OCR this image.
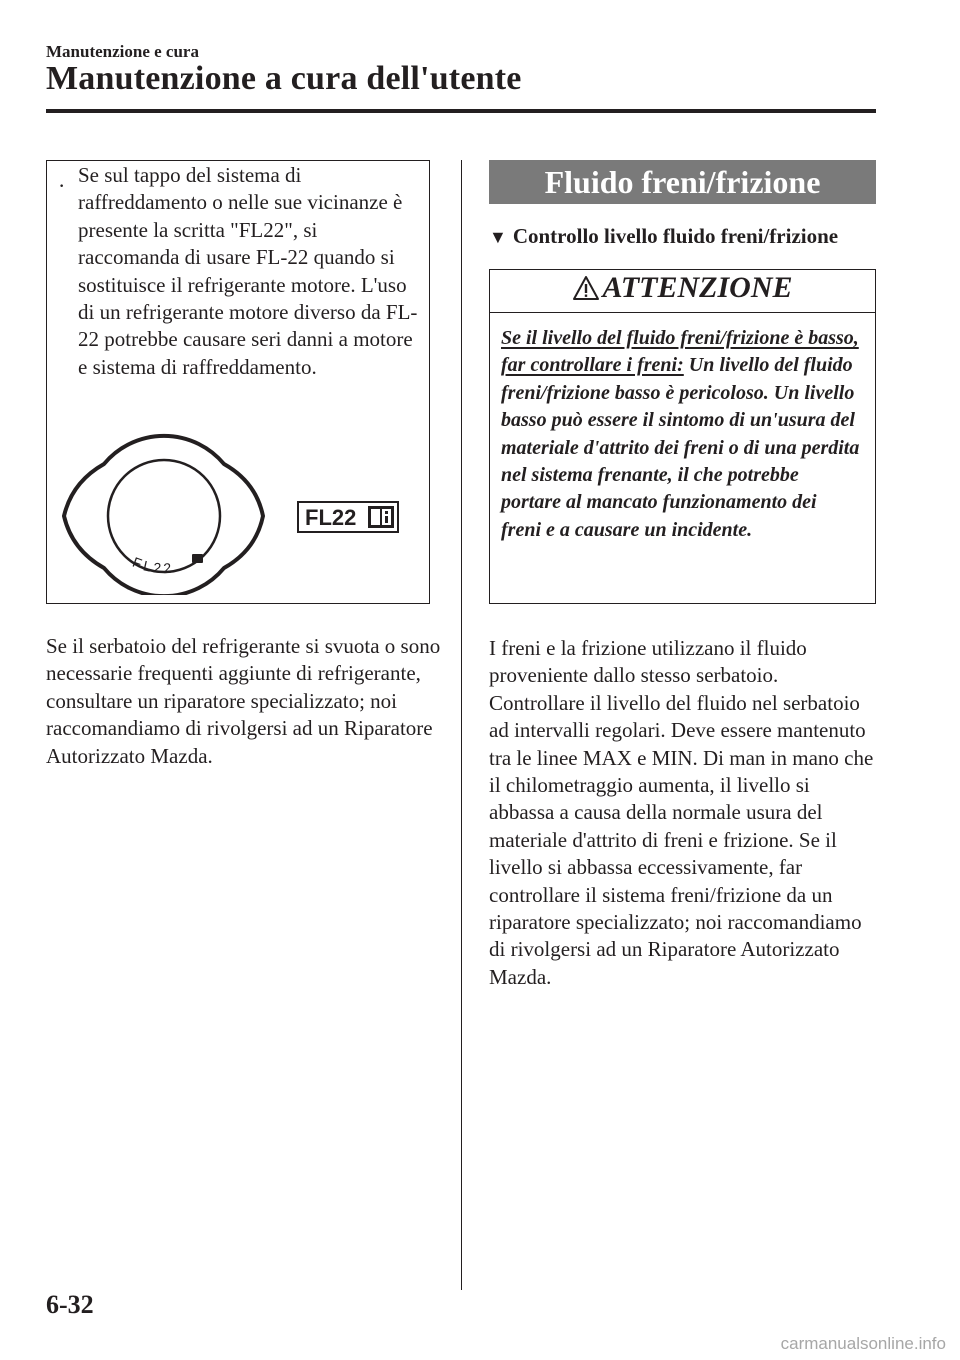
Manutenzione e cura
Manutenzione a cura dell'utente
· Se sul tappo del sistema di raffreddamento o nelle sue vicinanze è presente la scritta "FL22", si raccomanda di usare FL-22 quando si sostituisce il refrigerante motore. L'uso di un refrigerante motore diverso da FL-22 potrebbe causare seri danni a motore e sistema di raffreddamento.
FL22
FL22
Se il serbatoio del refrigerante si svuota o sono necessarie frequenti aggiunte di refrigerante, consultare un riparatore specializzato; noi raccomandiamo di rivolgersi ad un Riparatore Autorizzato Mazda.
Fluido freni/frizione
▼ Controllo livello fluido freni/frizione
ATTENZIONE
Se il livello del fluido freni/frizione è basso, far controllare i freni: Un livello del fluido freni/frizione basso è pericoloso. Un livello basso può essere il sintomo di un'usura del materiale d'attrito dei freni o di una perdita nel sistema frenante, il che potrebbe portare al mancato funzionamento dei freni e a causare un incidente.
I freni e la frizione utilizzano il fluido proveniente dallo stesso serbatoio. Controllare il livello del fluido nel serbatoio ad intervalli regolari. Deve essere mantenuto tra le linee MAX e MIN. Di man in mano che il chilometraggio aumenta, il livello si abbassa a causa della normale usura del materiale d'attrito di freni e frizione. Se il livello si abbassa eccessivamente, far controllare il sistema freni/frizione da un riparatore specializzato; noi raccomandiamo di rivolgersi ad un Riparatore Autorizzato Mazda.
6-32
carmanualsonline.info
